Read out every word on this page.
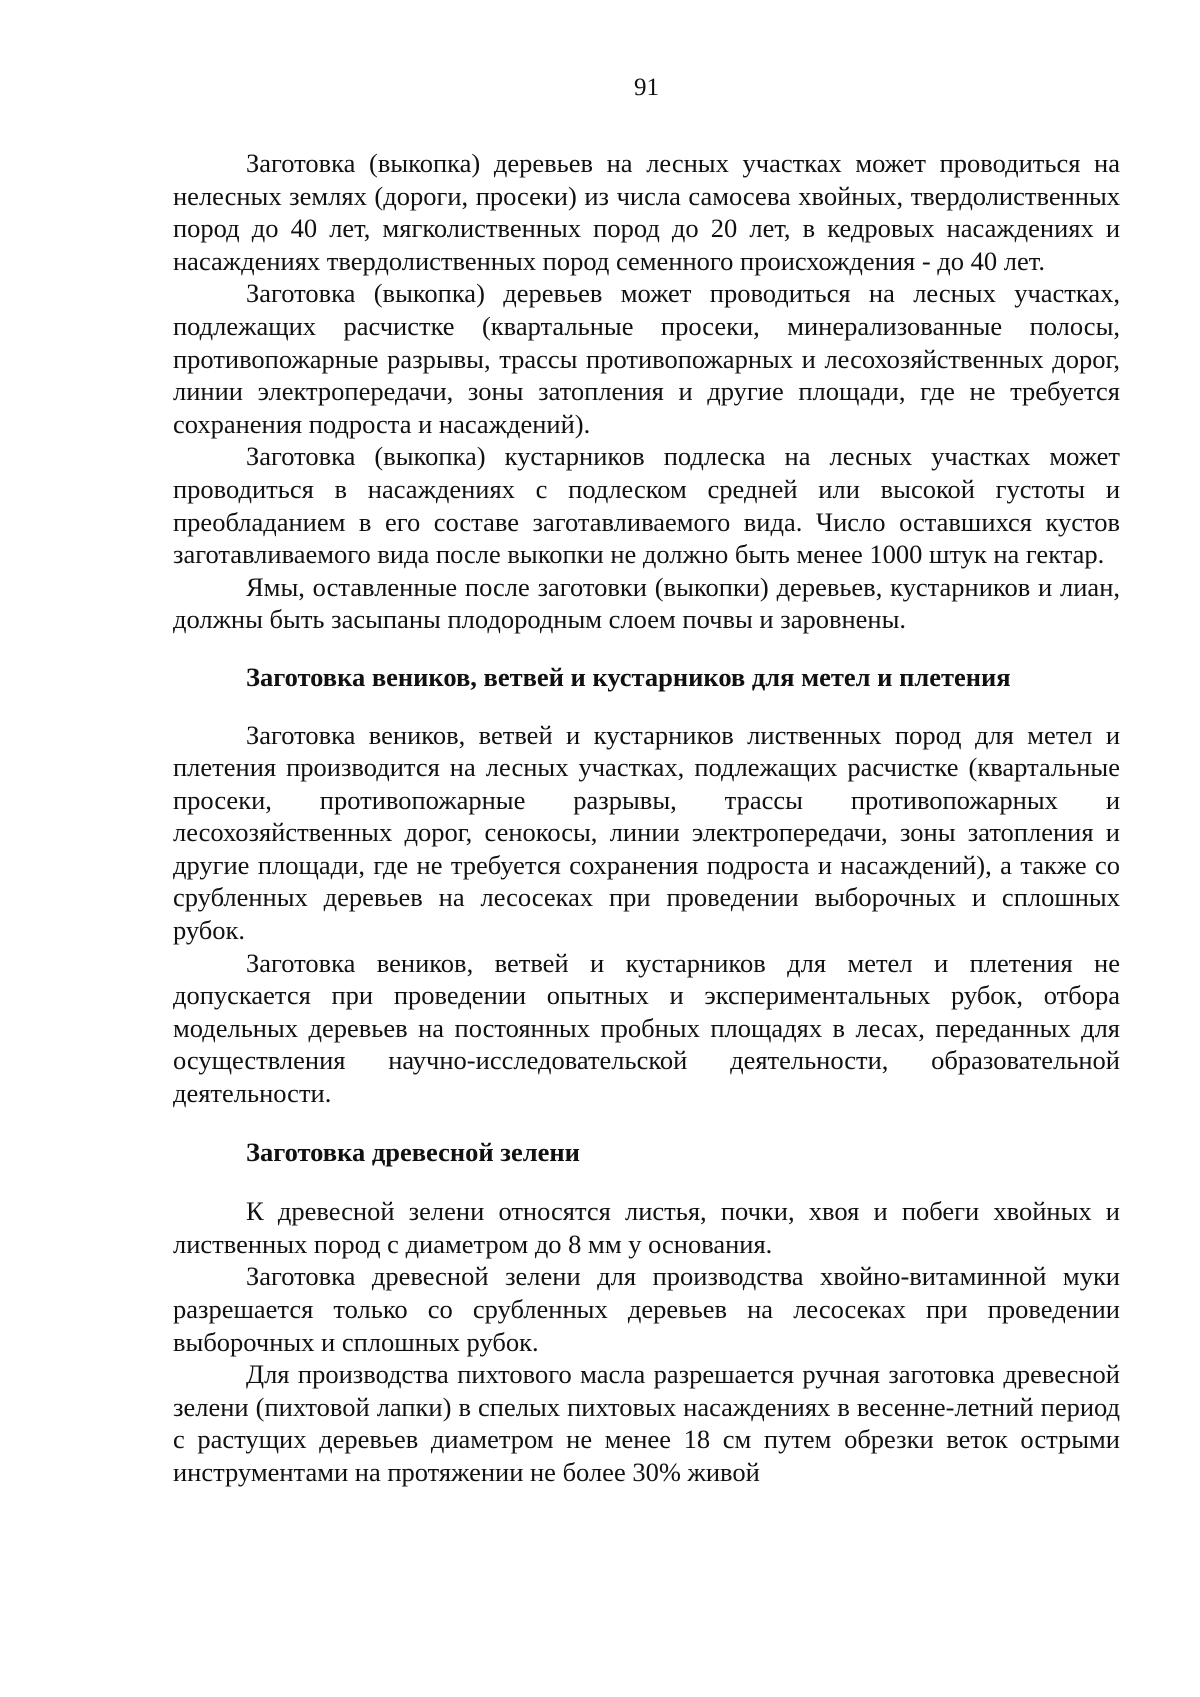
91

Заготовка (выкопка) деревьев на лесных участках может проводиться на нелесных землях (дороги, просеки) из числа самосева хвойных, твердолиственных пород до 40 лет, мягколиственных пород до 20 лет, в кедровых насаждениях и насаждениях твердолиственных пород семенного происхождения - до 40 лет.

Заготовка (выкопка) деревьев может проводиться на лесных участках, подлежащих расчистке (квартальные просеки, минерализованные полосы, противопожарные разрывы, трассы противопожарных и лесохозяйственных дорог, линии электропередачи, зоны затопления и другие площади, где не требуется сохранения подроста и насаждений).

Заготовка (выкопка) кустарников подлеска на лесных участках может проводиться в насаждениях с подлеском средней или высокой густоты и преобладанием в его составе заготавливаемого вида. Число оставшихся кустов заготавливаемого вида после выкопки не должно быть менее 1000 штук на гектар.

Ямы, оставленные после заготовки (выкопки) деревьев, кустарников и лиан, должны быть засыпаны плодородным слоем почвы и заровнены.

Заготовка веников, ветвей и кустарников для метел и плетения

Заготовка веников, ветвей и кустарников лиственных пород для метел и плетения производится на лесных участках, подлежащих расчистке (квартальные просеки, противопожарные разрывы, трассы противопожарных и лесохозяйственных дорог, сенокосы, линии электропередачи, зоны затопления и другие площади, где не требуется сохранения подроста и насаждений), а также со срубленных деревьев на лесосеках при проведении выборочных и сплошных рубок.

Заготовка веников, ветвей и кустарников для метел и плетения не допускается при проведении опытных и экспериментальных рубок, отбора модельных деревьев на постоянных пробных площадях в лесах, переданных для осуществления научно-исследовательской деятельности, образовательной деятельности.

Заготовка древесной зелени

К древесной зелени относятся листья, почки, хвоя и побеги хвойных и лиственных пород с диаметром до 8 мм у основания.

Заготовка древесной зелени для производства хвойно-витаминной муки разрешается только со срубленных деревьев на лесосеках при проведении выборочных и сплошных рубок.

Для производства пихтового масла разрешается ручная заготовка древесной зелени (пихтовой лапки) в спелых пихтовых насаждениях в весенне-летний период с растущих деревьев диаметром не менее 18 см путем обрезки веток острыми инструментами на протяжении не более 30% живой
